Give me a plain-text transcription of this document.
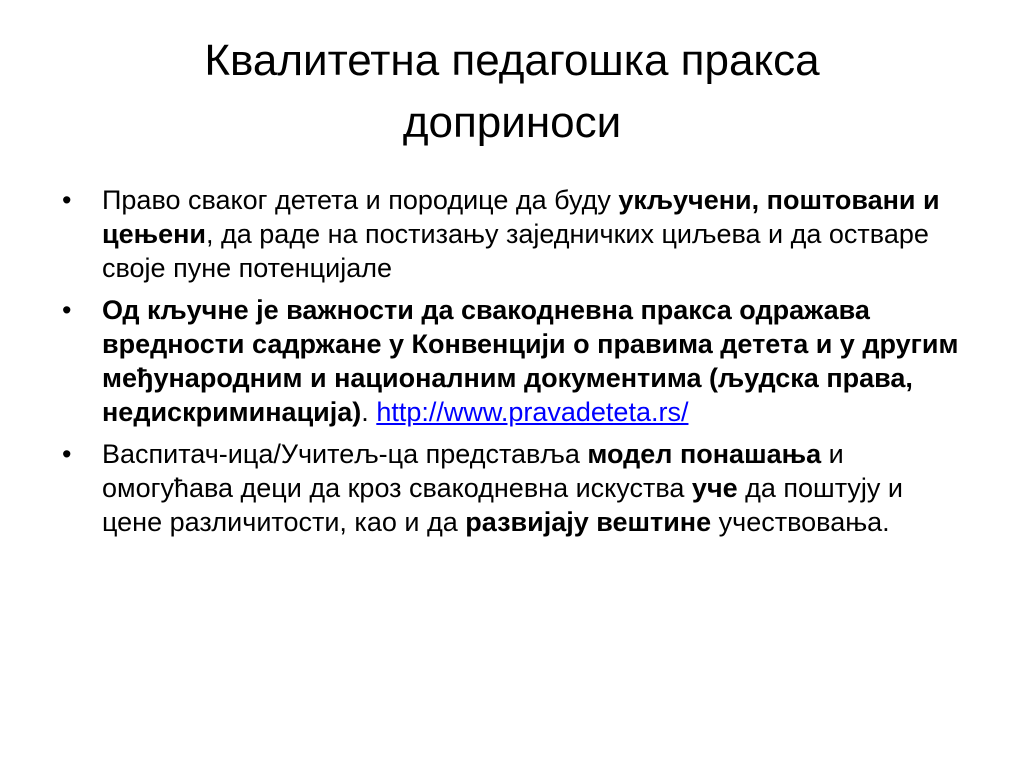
Квалитетна педагошка пракса доприноси
•	Право сваког детета и породице да буду укључени, поштовани и цењени, да раде на постизању заједничких циљева и да остваре своје пуне потенцијале
•	Од кључне је важности да свакодневна пракса одражава вредности садржане у Конвенцији о правима детета и у другим међународним и националним документима (људска права, недискриминација). http://www.pravadeteta.rs/
•	Васпитач-ица/Учитељ-ца представља модел понашања и омогућава деци да кроз свакодневна искуства уче да поштују и цене различитости, као и да развијају вештине учествовања.
